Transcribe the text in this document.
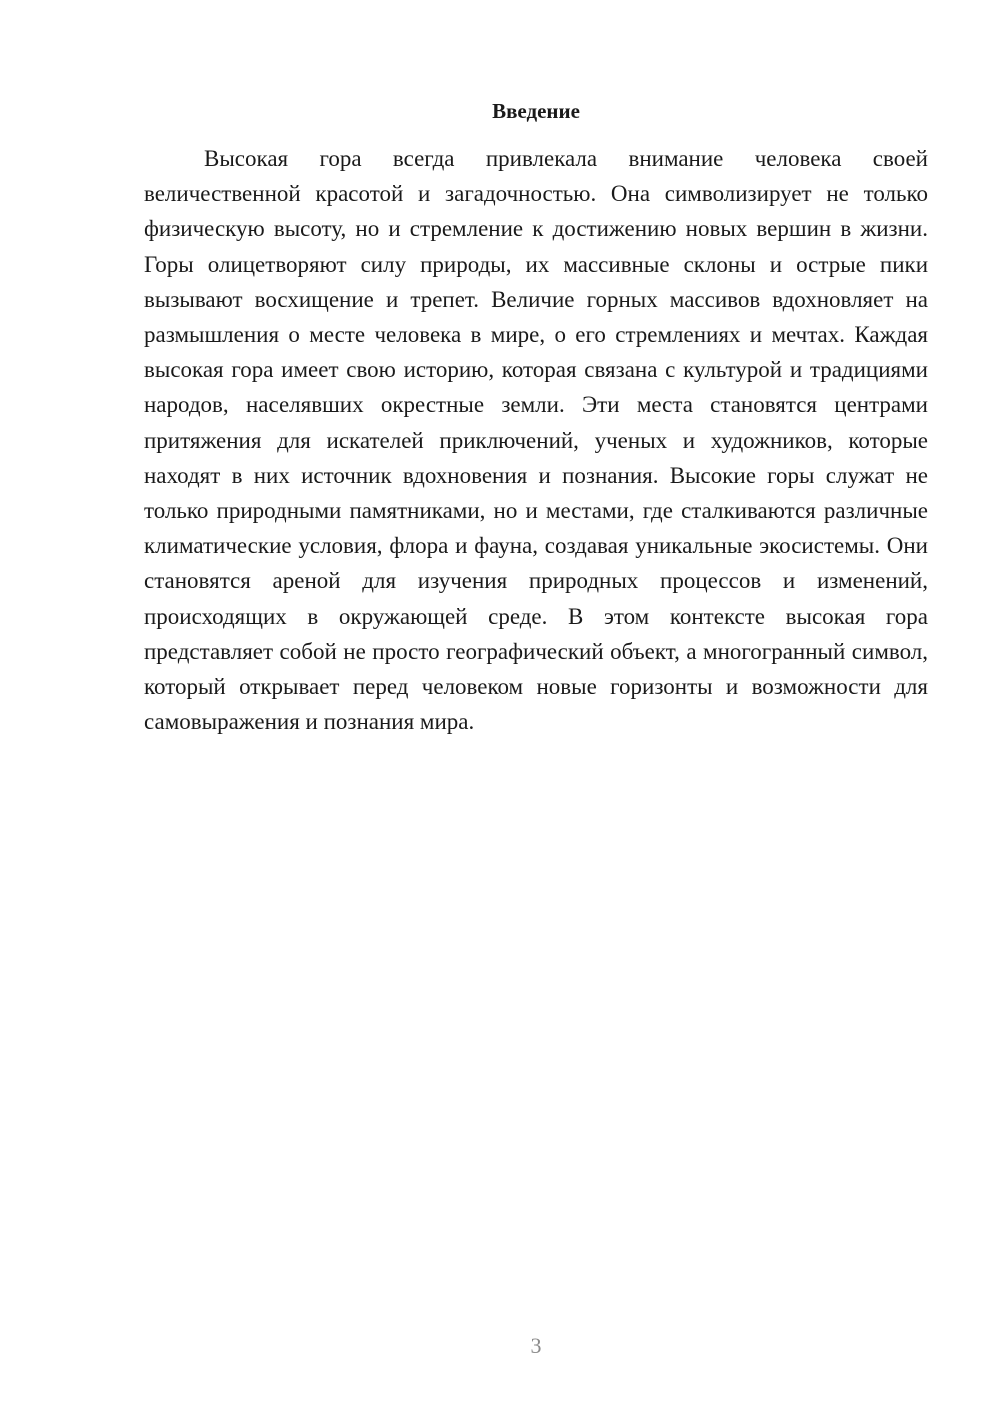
Введение

Высокая гора всегда привлекала внимание человека своей величественной красотой и загадочностью. Она символизирует не только физическую высоту, но и стремление к достижению новых вершин в жизни. Горы олицетворяют силу природы, их массивные склоны и острые пики вызывают восхищение и трепет. Величие горных массивов вдохновляет на размышления о месте человека в мире, о его стремлениях и мечтах. Каждая высокая гора имеет свою историю, которая связана с культурой и традициями народов, населявших окрестные земли. Эти места становятся центрами притяжения для искателей приключений, ученых и художников, которые находят в них источник вдохновения и познания. Высокие горы служат не только природными памятниками, но и местами, где сталкиваются различные климатические условия, флора и фауна, создавая уникальные экосистемы. Они становятся ареной для изучения природных процессов и изменений, происходящих в окружающей среде. В этом контексте высокая гора представляет собой не просто географический объект, а многогранный символ, который открывает перед человеком новые горизонты и возможности для самовыражения и познания мира.

3
